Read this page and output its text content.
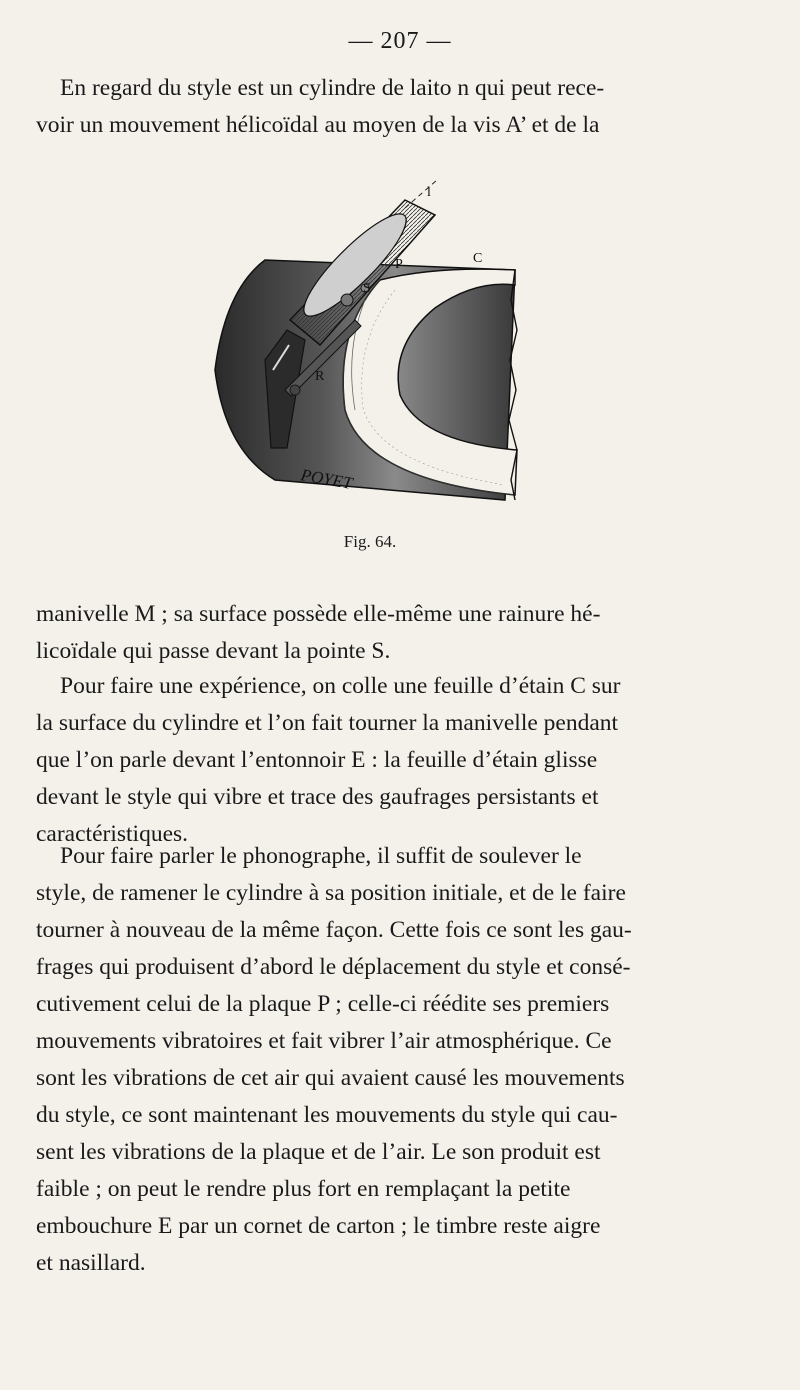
— 207 —
En regard du style est un cylindre de laito n qui peut rece-
voir un mouvement hélicoïdal au moyen de la vis A’ et de la
l
C
P
S
R
POYET
Fig. 64.
manivelle M ; sa surface possède elle-même une rainure hé-
licoïdale qui passe devant la pointe S.
Pour faire une expérience, on colle une feuille d’étain C sur
la surface du cylindre et l’on fait tourner la manivelle pendant
que l’on parle devant l’entonnoir E : la feuille d’étain glisse
devant le style qui vibre et trace des gaufrages persistants et
caractéristiques.
Pour faire parler le phonographe, il suffit de soulever le
style, de ramener le cylindre à sa position initiale, et de le faire
tourner à nouveau de la même façon. Cette fois ce sont les gau-
frages qui produisent d’abord le déplacement du style et consé-
cutivement celui de la plaque P ; celle-ci réédite ses premiers
mouvements vibratoires et fait vibrer l’air atmosphérique. Ce
sont les vibrations de cet air qui avaient causé les mouvements
du style, ce sont maintenant les mouvements du style qui cau-
sent les vibrations de la plaque et de l’air. Le son produit est
faible ; on peut le rendre plus fort en remplaçant la petite
embouchure E par un cornet de carton ; le timbre reste aigre
et nasillard.
